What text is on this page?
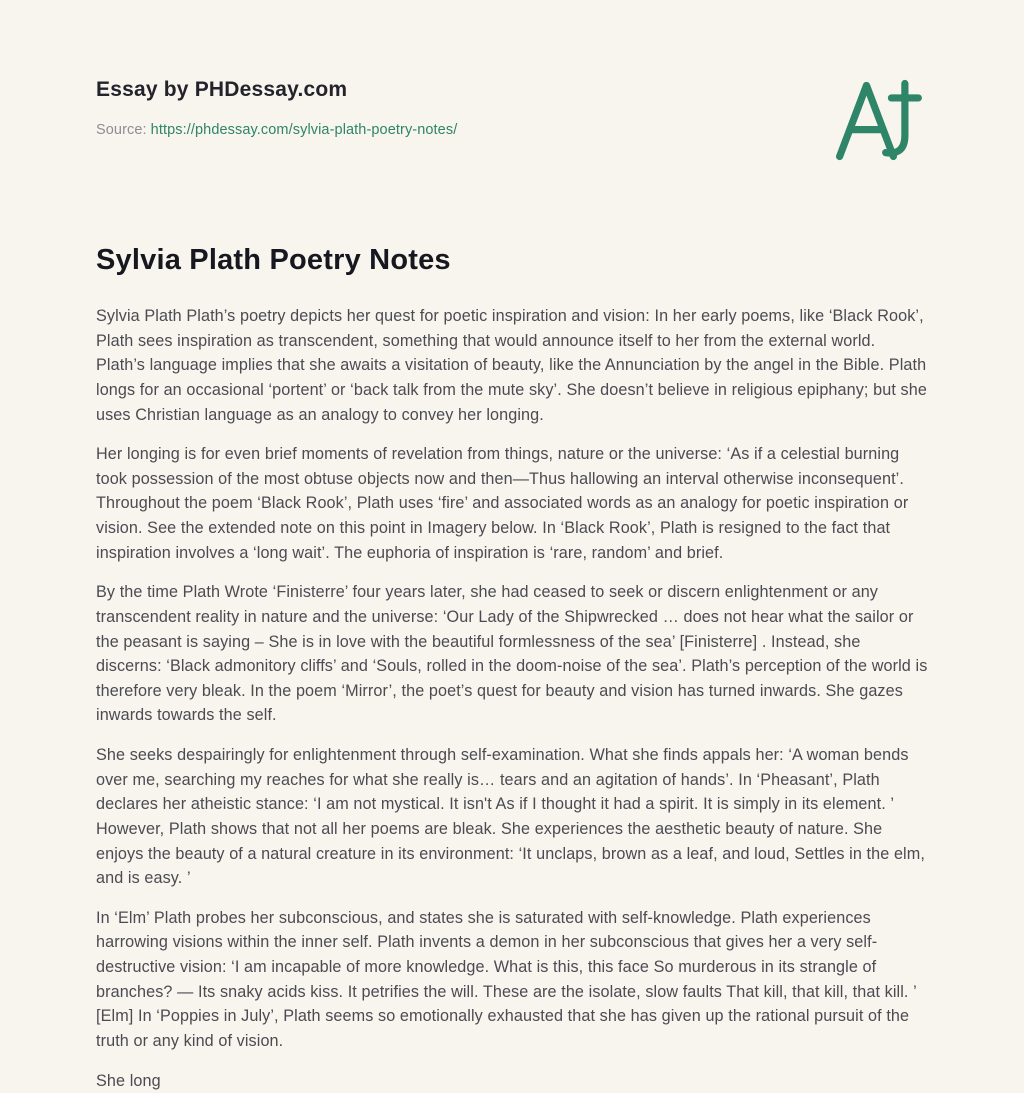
Essay by PHDessay.com
Source: https://phdessay.com/sylvia-plath-poetry-notes/
Sylvia Plath Poetry Notes

Sylvia Plath Plath’s poetry depicts her quest for poetic inspiration and vision: In her early poems, like ‘Black Rook’, Plath sees inspiration as transcendent, something that would announce itself to her from the external world. Plath’s language implies that she awaits a visitation of beauty, like the Annunciation by the angel in the Bible. Plath longs for an occasional ‘portent’ or ‘back talk from the mute sky’. She doesn’t believe in religious epiphany; but she uses Christian language as an analogy to convey her longing.

Her longing is for even brief moments of revelation from things, nature or the universe: ‘As if a celestial burning took possession of the most obtuse objects now and then—Thus hallowing an interval otherwise inconsequent’. Throughout the poem ‘Black Rook’, Plath uses ‘fire’ and associated words as an analogy for poetic inspiration or vision. See the extended note on this point in Imagery below. In ‘Black Rook’, Plath is resigned to the fact that inspiration involves a ‘long wait’. The euphoria of inspiration is ‘rare, random’ and brief.

By the time Plath Wrote ‘Finisterre’ four years later, she had ceased to seek or discern enlightenment or any transcendent reality in nature and the universe: ‘Our Lady of the Shipwrecked … does not hear what the sailor or the peasant is saying – She is in love with the beautiful formlessness of the sea’ [Finisterre] . Instead, she discerns: ‘Black admonitory cliffs’ and ‘Souls, rolled in the doom-noise of the sea’. Plath’s perception of the world is therefore very bleak. In the poem ‘Mirror’, the poet’s quest for beauty and vision has turned inwards. She gazes inwards towards the self.

She seeks despairingly for enlightenment through self-examination. What she finds appals her: ‘A woman bends over me, searching my reaches for what she really is… tears and an agitation of hands’. In ‘Pheasant’, Plath declares her atheistic stance: ‘I am not mystical. It isn't As if I thought it had a spirit. It is simply in its element. ’ However, Plath shows that not all her poems are bleak. She experiences the aesthetic beauty of nature. She enjoys the beauty of a natural creature in its environment: ‘It unclaps, brown as a leaf, and loud, Settles in the elm, and is easy. ’

In ‘Elm’ Plath probes her subconscious, and states she is saturated with self-knowledge. Plath experiences harrowing visions within the inner self. Plath invents a demon in her subconscious that gives her a very self-destructive vision: ‘I am incapable of more knowledge. What is this, this face So murderous in its strangle of branches? — Its snaky acids kiss. It petrifies the will. These are the isolate, slow faults That kill, that kill, that kill. ’ [Elm] In ‘Poppies in July’, Plath seems so emotionally exhausted that she has given up the rational pursuit of the truth or any kind of vision.

She long
